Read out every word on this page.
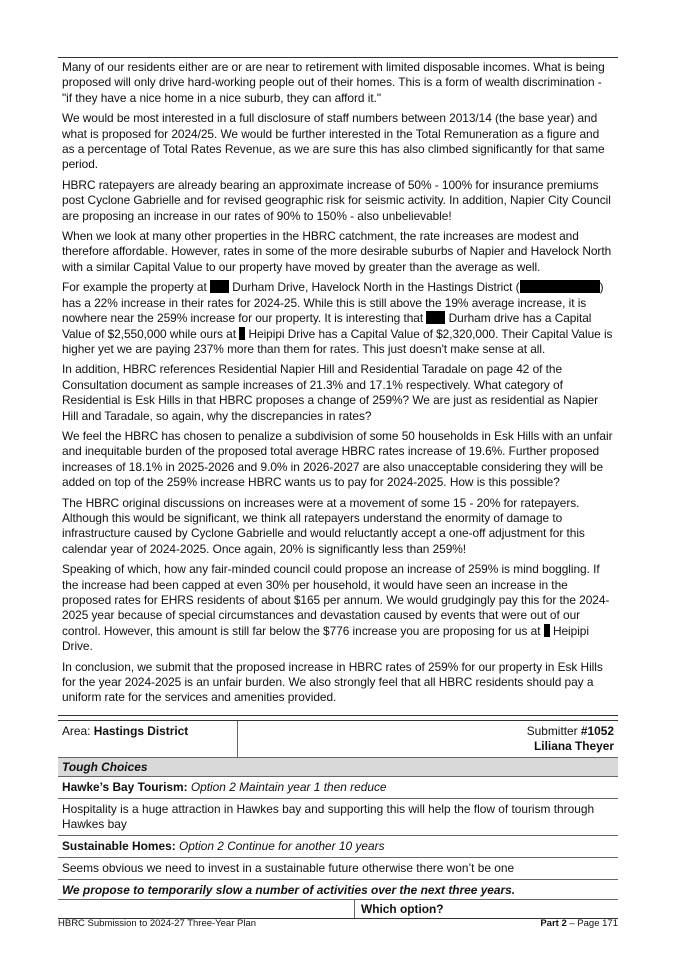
Many of our residents either are or are near to retirement with limited disposable incomes. What is being proposed will only drive hard-working people out of their homes. This is a form of wealth discrimination - "if they have a nice home in a nice suburb, they can afford it."

We would be most interested in a full disclosure of staff numbers between 2013/14 (the base year) and what is proposed for 2024/25. We would be further interested in the Total Remuneration as a figure and as a percentage of Total Rates Revenue, as we are sure this has also climbed significantly for that same period.

HBRC ratepayers are already bearing an approximate increase of 50% - 100% for insurance premiums post Cyclone Gabrielle and for revised geographic risk for seismic activity. In addition, Napier City Council are proposing an increase in our rates of 90% to 150% - also unbelievable!

When we look at many other properties in the HBRC catchment, the rate increases are modest and therefore affordable. However, rates in some of the more desirable suburbs of Napier and Havelock North with a similar Capital Value to our property have moved by greater than the average as well.

For example the property at  Durham Drive, Havelock North in the Hastings District (	) has a 22% increase in their rates for 2024-25. While this is still above the 19% average increase, it is nowhere near the 259% increase for our property. It is interesting that  Durham drive has a Capital Value of $2,550,000 while ours at  Heipipi Drive has a Capital Value of $2,320,000. Their Capital Value is higher yet we are paying 237% more than them for rates. This just doesn't make sense at all.

In addition, HBRC references Residential Napier Hill and Residential Taradale on page 42 of the Consultation document as sample increases of 21.3% and 17.1% respectively. What category of Residential is Esk Hills in that HBRC proposes a change of 259%? We are just as residential as Napier Hill and Taradale, so again, why the discrepancies in rates?

We feel the HBRC has chosen to penalize a subdivision of some 50 households in Esk Hills with an unfair and inequitable burden of the proposed total average HBRC rates increase of 19.6%. Further proposed increases of 18.1% in 2025-2026 and 9.0% in 2026-2027 are also unacceptable considering they will be added on top of the 259% increase HBRC wants us to pay for 2024-2025. How is this possible?

The HBRC original discussions on increases were at a movement of some 15 - 20% for ratepayers. Although this would be significant, we think all ratepayers understand the enormity of damage to infrastructure caused by Cyclone Gabrielle and would reluctantly accept a one-off adjustment for this calendar year of 2024-2025. Once again, 20% is significantly less than 259%!

Speaking of which, how any fair-minded council could propose an increase of 259% is mind boggling. If the increase had been capped at even 30% per household, it would have seen an increase in the proposed rates for EHRS residents of about $165 per annum. We would grudgingly pay this for the 2024-2025 year because of special circumstances and devastation caused by events that were out of our control. However, this amount is still far below the $776 increase you are proposing for us at  Heipipi Drive.

In conclusion, we submit that the proposed increase in HBRC rates of 259% for our property in Esk Hills for the year 2024-2025 is an unfair burden. We also strongly feel that all HBRC residents should pay a uniform rate for the services and amenities provided.

Area: Hastings District	Submitter #1052
Liliana Theyer
Tough Choices
Hawke’s Bay Tourism: Option 2 Maintain year 1 then reduce
Hospitality is a huge attraction in Hawkes bay and supporting this will help the flow of tourism through Hawkes bay
Sustainable Homes: Option 2 Continue for another 10 years
Seems obvious we need to invest in a sustainable future otherwise there won’t be one
We propose to temporarily slow a number of activities over the next three years.
Which option?
HBRC Submission to 2024-27 Three-Year Plan	Part 2 – Page 171
